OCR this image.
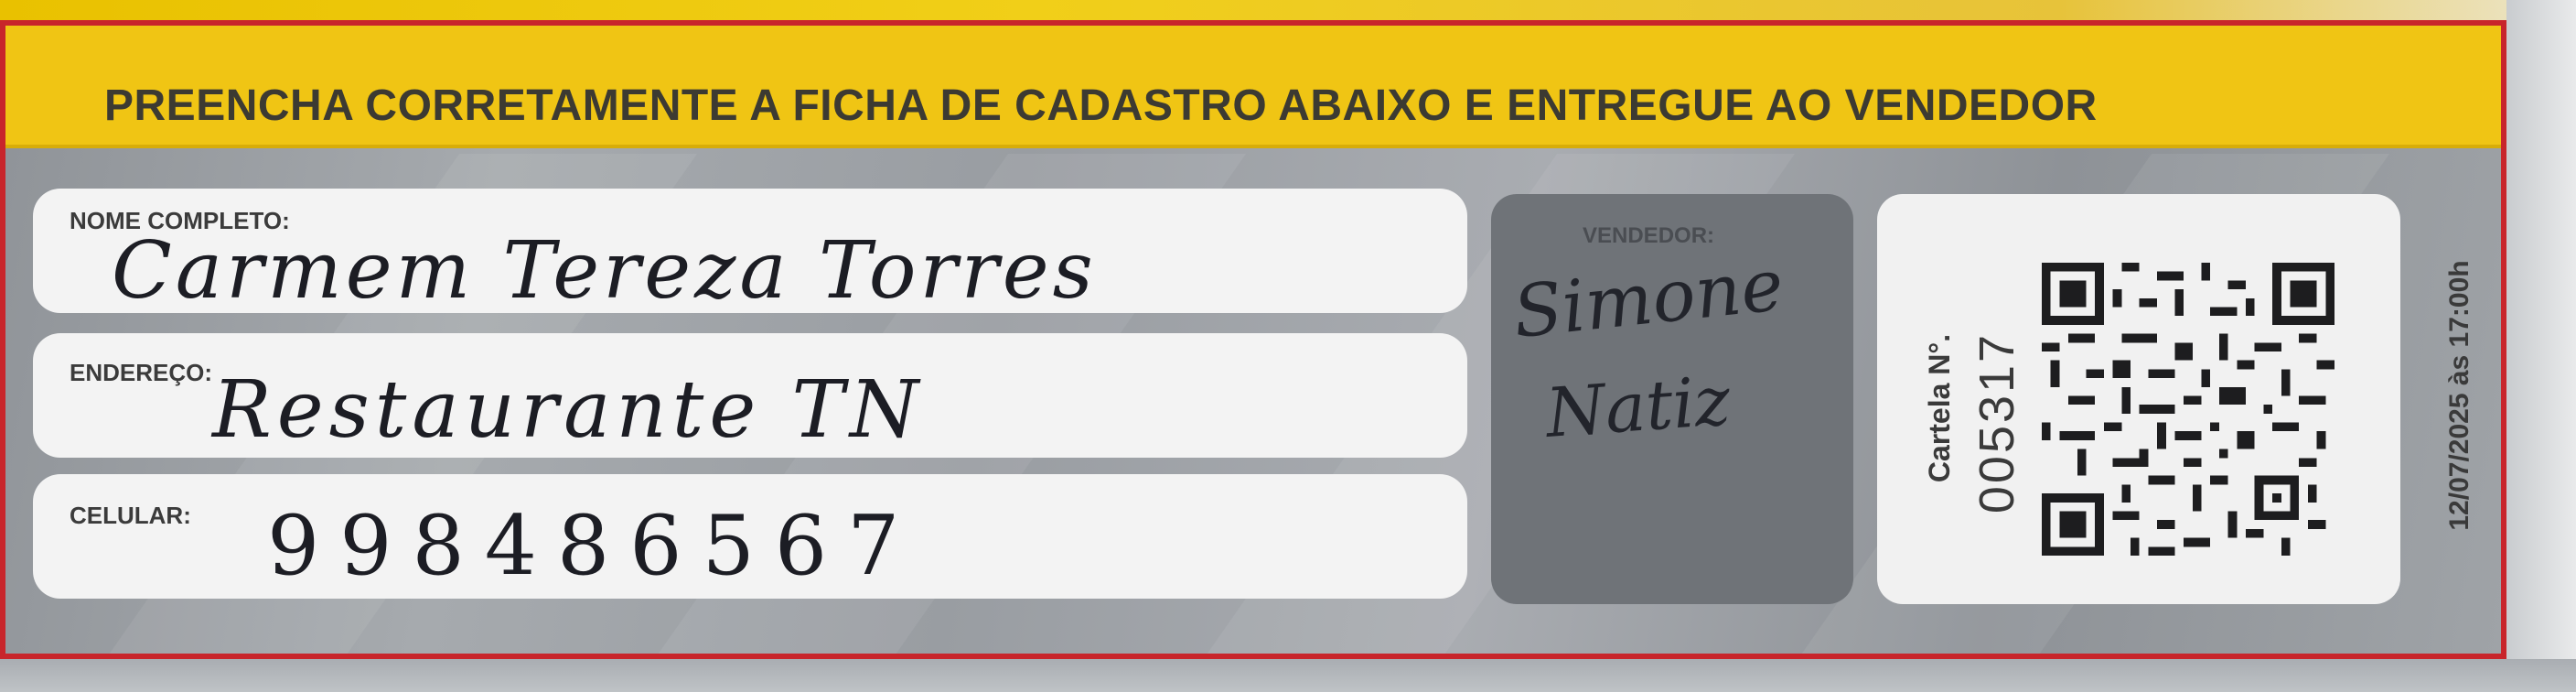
PREENCHA CORRETAMENTE A FICHA DE CADASTRO ABAIXO E ENTREGUE AO VENDEDOR
NOME COMPLETO:
Carmem Tereza Torres
ENDEREÇO: Restaurante TN
CELULAR: 998486567
VENDEDOR:
Simone
Natiz	Cartela N°. 005317	12/07/2025 às 17:00h
